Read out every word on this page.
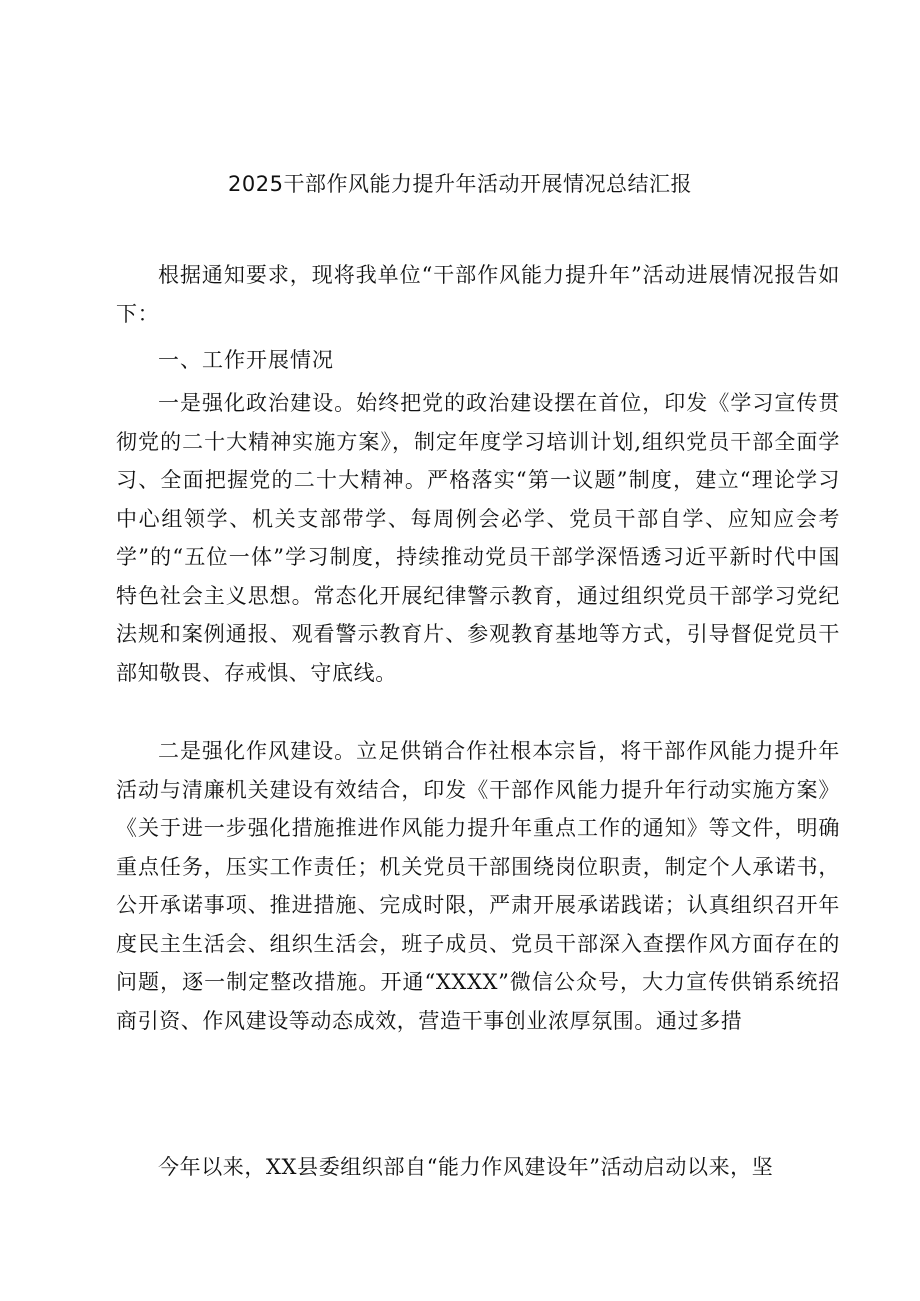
2025干部作风能力提升年活动开展情况总结汇报
根据通知要求，现将我单位“干部作风能力提升年”活动进展情况报告如下：
一、工作开展情况
一是强化政治建设。始终把党的政治建设摆在首位，印发《学习宣传贯彻党的二十大精神实施方案》，制定年度学习培训计划,组织党员干部全面学习、全面把握党的二十大精神。严格落实“第一议题”制度，建立“理论学习中心组领学、机关支部带学、每周例会必学、党员干部自学、应知应会考学”的“五位一体”学习制度，持续推动党员干部学深悟透习近平新时代中国特色社会主义思想。常态化开展纪律警示教育，通过组织党员干部学习党纪法规和案例通报、观看警示教育片、参观教育基地等方式，引导督促党员干部知敬畏、存戒惧、守底线。
二是强化作风建设。立足供销合作社根本宗旨，将干部作风能力提升年活动与清廉机关建设有效结合，印发《干部作风能力提升年行动实施方案》《关于进一步强化措施推进作风能力提升年重点工作的通知》等文件，明确重点任务，压实工作责任；机关党员干部围绕岗位职责，制定个人承诺书，公开承诺事项、推进措施、完成时限，严肃开展承诺践诺；认真组织召开年度民主生活会、组织生活会，班子成员、党员干部深入查摆作风方面存在的问题，逐一制定整改措施。开通“XXXX”微信公众号，大力宣传供销系统招商引资、作风建设等动态成效，营造干事创业浓厚氛围。通过多措
今年以来，XX县委组织部自“能力作风建设年”活动启动以来，坚
